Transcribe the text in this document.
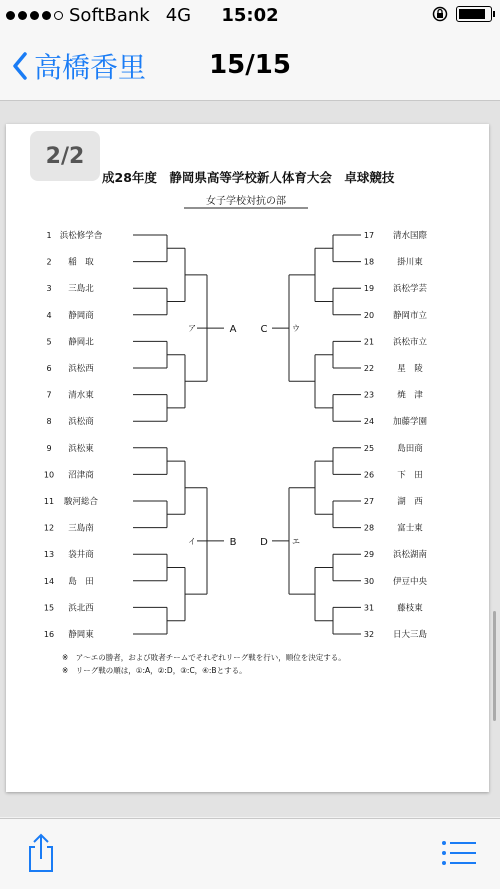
SoftBank 4G	15:02
高橋香里	15/15
成28年度　静岡県高等学校新人体育大会　卓球競技
女子学校対抗の部
1 浜松修学舎
2 稲　取
3 三島北
4 静岡商
5 静岡北
6 浜松西
7 清水東
8 浜松商
9 浜松東
10 沼津商
11 駿河総合
12 三島南
13 袋井商
14 島　田
15 浜北西
16 静岡東
17 清水国際
18	掛川東
19 浜松学芸
20 静岡市立
21 浜松市立
22	星　陵
23	焼　津
24 加藤学園
25	島田商
26	下　田
27	湖　西
28	富士東
29 浜松湖南
30 伊豆中央
31	藤枝東
32 日大三島
ア	A
イ	B
C	ウ
D	エ
※　ア～エの勝者，および敗者チームでそれぞれリーグ戦を行い，順位を決定する。
※　リーグ戦の順は，①:A，②:D，③:C，④:Bとする。
2/2
